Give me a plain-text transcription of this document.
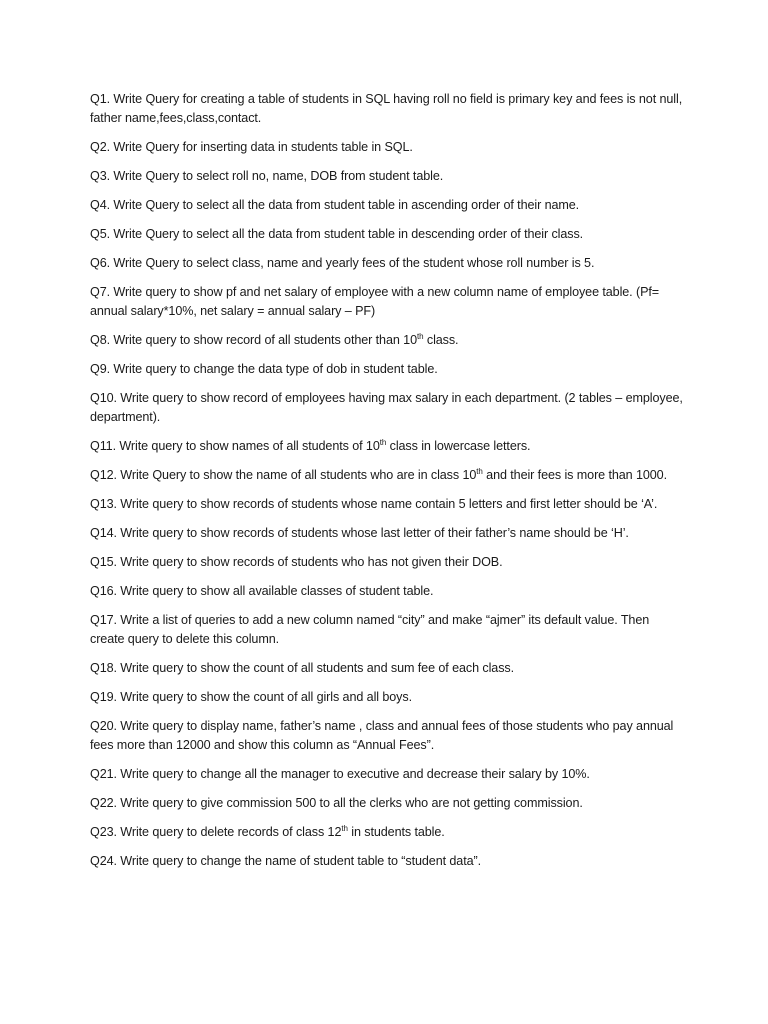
Q1. Write Query for creating a table of students in SQL having roll no field is primary key and fees is not null, father name,fees,class,contact.
Q2. Write Query for inserting data in students table in SQL.
Q3. Write Query to select roll no, name, DOB from student table.
Q4. Write Query to select all the data from student table in ascending order of their name.
Q5. Write Query to select all the data from student table in descending order of their class.
Q6. Write Query to select class, name and yearly fees of the student whose roll number is 5.
Q7. Write query to show pf and net salary of employee with a new column name of employee table. (Pf= annual salary*10%, net salary = annual salary – PF)
Q8. Write query to show record of all students other than 10th class.
Q9. Write query to change the data type of dob in student table.
Q10. Write query to show record of employees having max salary in each department. (2 tables – employee, department).
Q11. Write query to show names of all students of 10th class in lowercase letters.
Q12. Write Query to show the name of all students who are in class 10th and their fees is more than 1000.
Q13. Write query to show records of students whose name contain 5 letters and first letter should be ‘A’.
Q14. Write query to show records of students whose last letter of their father’s name should be ‘H’.
Q15. Write query to show records of students who has not given their DOB.
Q16. Write query to show all available classes of student table.
Q17. Write a list of queries to add a new column named “city” and make “ajmer” its default value. Then create query to delete this column.
Q18. Write query to show the count of all students and sum fee of each class.
Q19. Write query to show the count of all girls and all boys.
Q20. Write query to display name, father’s name , class and annual fees of those students who pay annual fees more than 12000 and show this column as “Annual Fees”.
Q21. Write query to change all the manager to executive and decrease their salary by 10%.
Q22. Write query to give commission 500 to all the clerks who are not getting commission.
Q23. Write query to delete records of class 12th in students table.
Q24. Write query to change the name of student table to “student data”.
